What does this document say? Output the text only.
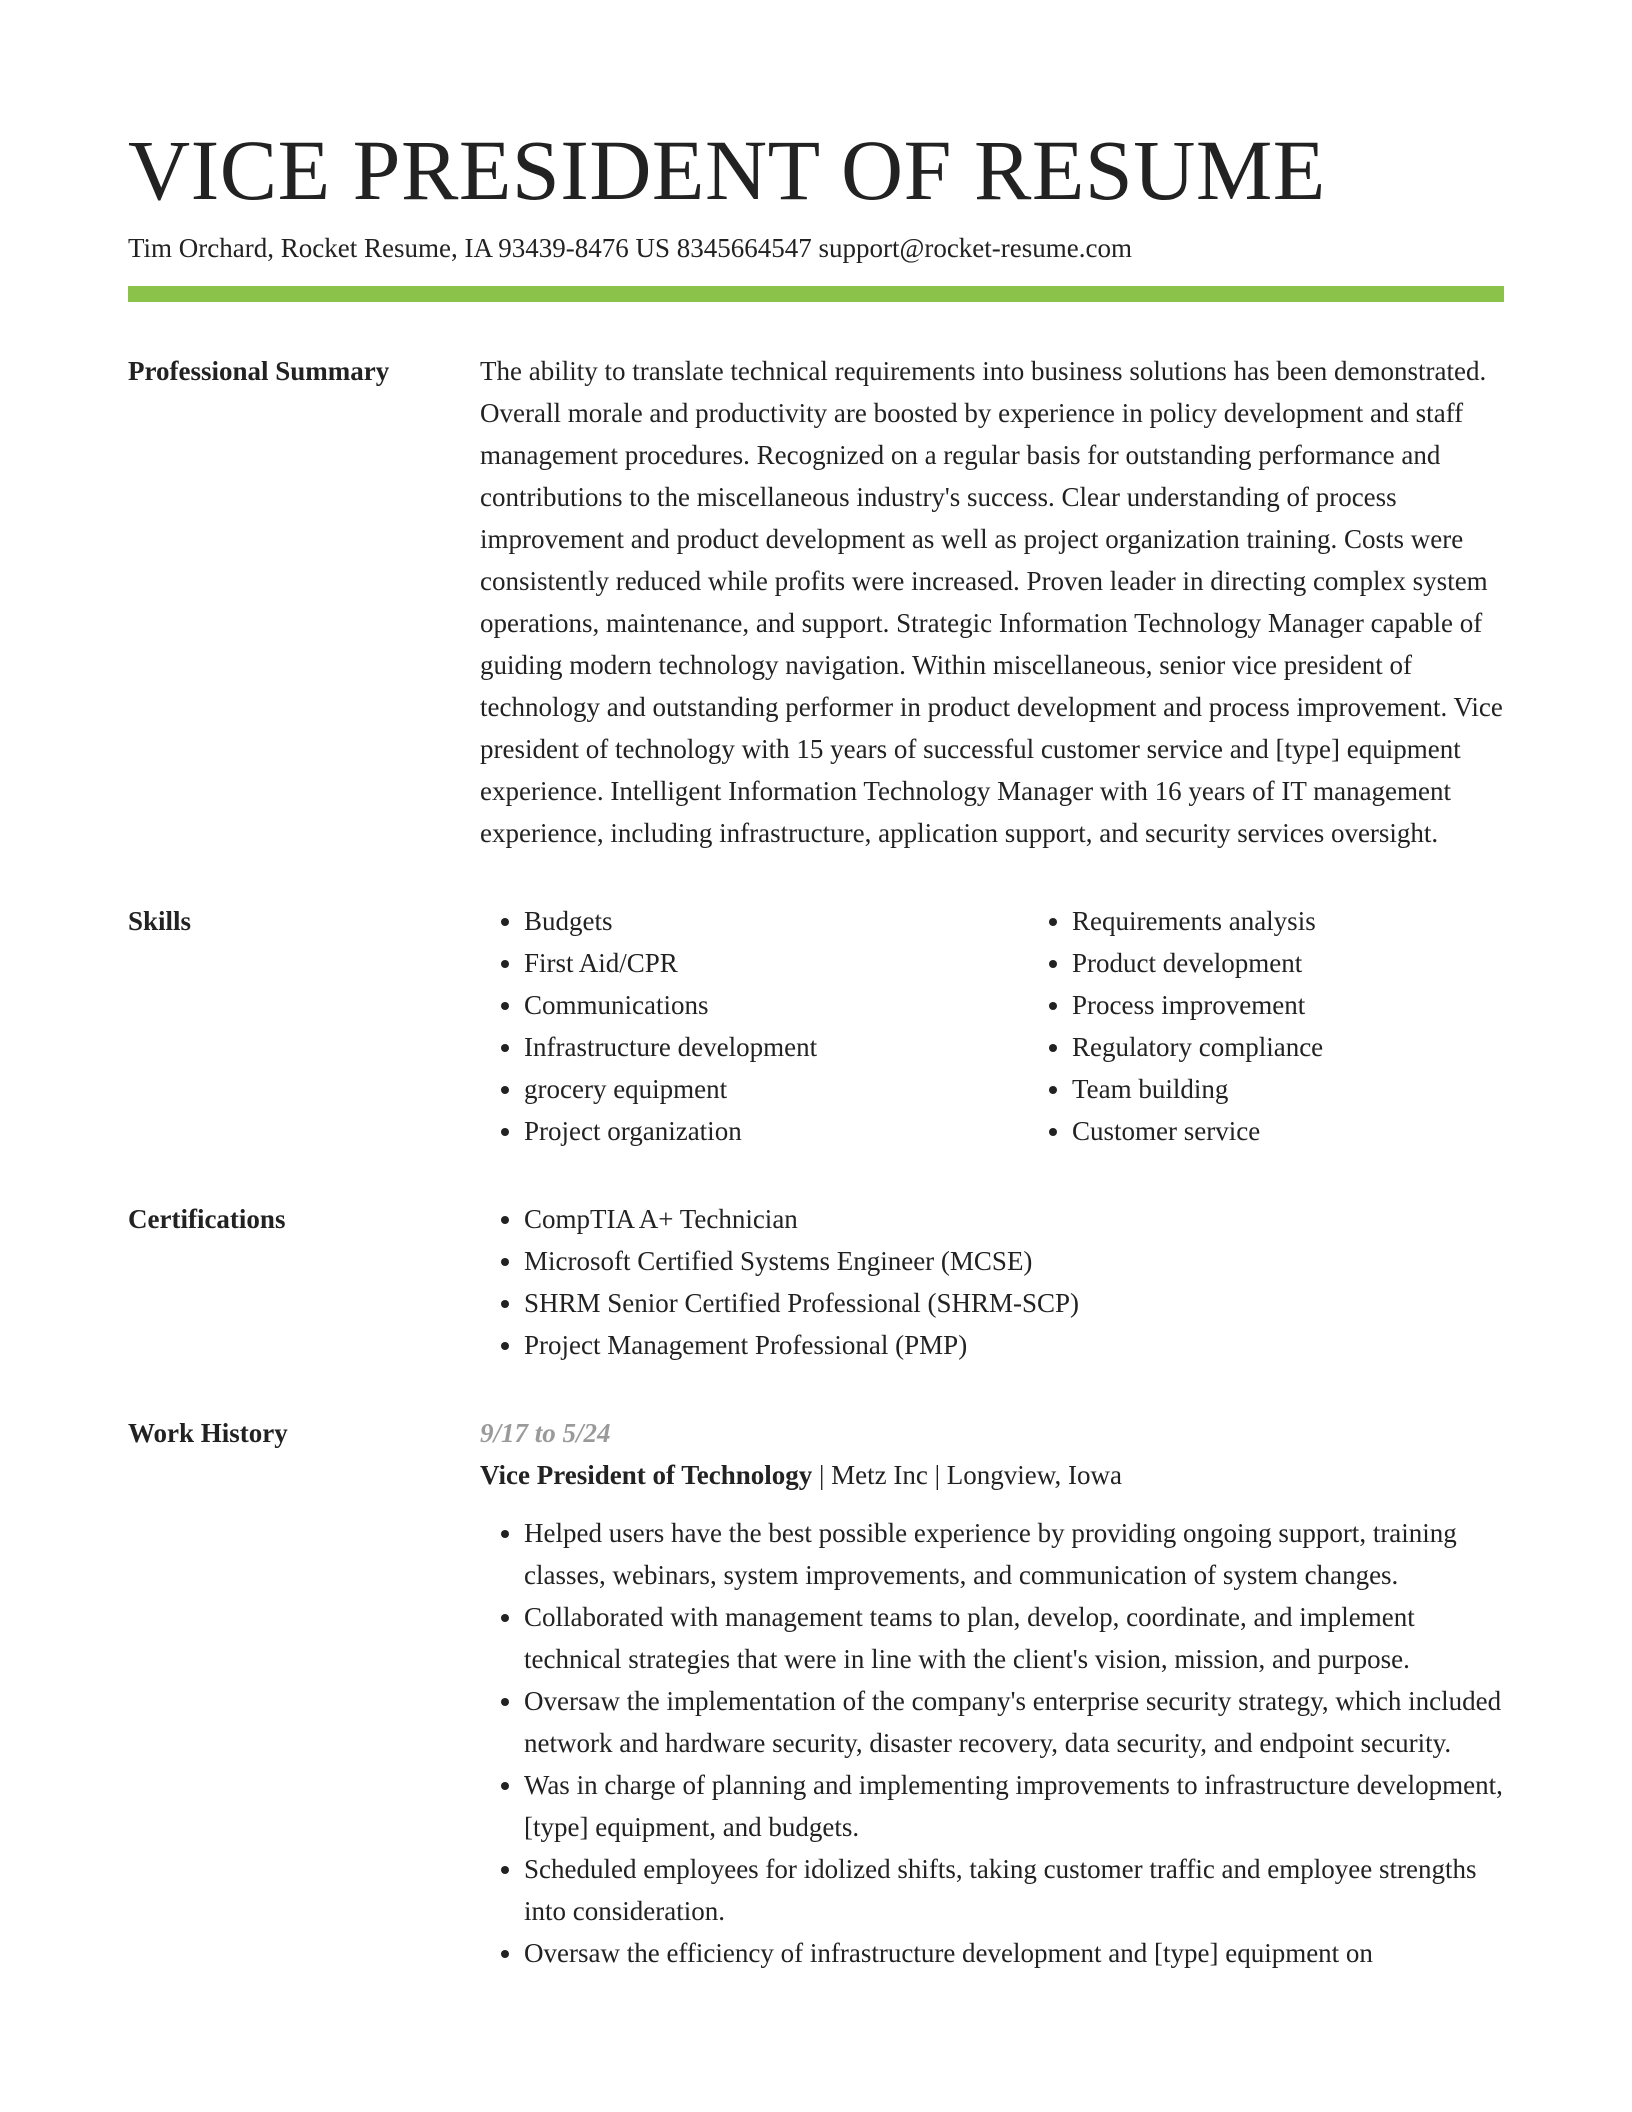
VICE PRESIDENT OF RESUME
Tim Orchard, Rocket Resume, IA 93439-8476 US 8345664547 support@rocket-resume.com
Professional Summary	The ability to translate technical requirements into business solutions has been demonstrated. Overall morale and productivity are boosted by experience in policy development and staff management procedures. Recognized on a regular basis for outstanding performance and contributions to the miscellaneous industry's success. Clear understanding of process improvement and product development as well as project organization training. Costs were consistently reduced while profits were increased. Proven leader in directing complex system operations, maintenance, and support. Strategic Information Technology Manager capable of guiding modern technology navigation. Within miscellaneous, senior vice president of technology and outstanding performer in product development and process improvement. Vice president of technology with 15 years of successful customer service and [type] equipment experience. Intelligent Information Technology Manager with 16 years of IT management experience, including infrastructure, application support, and security services oversight.

Skills	• Budgets
• First Aid/CPR
• Communications
• Infrastructure development
• grocery equipment
• Project organization
• Requirements analysis
• Product development
• Process improvement
• Regulatory compliance
• Team building
• Customer service
Certifications	• CompTIA A+ Technician
• Microsoft Certified Systems Engineer (MCSE)
• SHRM Senior Certified Professional (SHRM-SCP)
• Project Management Professional (PMP)
Work History	9/17 to 5/24
Vice President of Technology | Metz Inc | Longview, Iowa
• Helped users have the best possible experience by providing ongoing support, training classes, webinars, system improvements, and communication of system changes.
• Collaborated with management teams to plan, develop, coordinate, and implement technical strategies that were in line with the client's vision, mission, and purpose.
• Oversaw the implementation of the company's enterprise security strategy, which included network and hardware security, disaster recovery, data security, and endpoint security.
• Was in charge of planning and implementing improvements to infrastructure development, [type] equipment, and budgets.
• Scheduled employees for idolized shifts, taking customer traffic and employee strengths into consideration.
• Oversaw the efficiency of infrastructure development and [type] equipment on
